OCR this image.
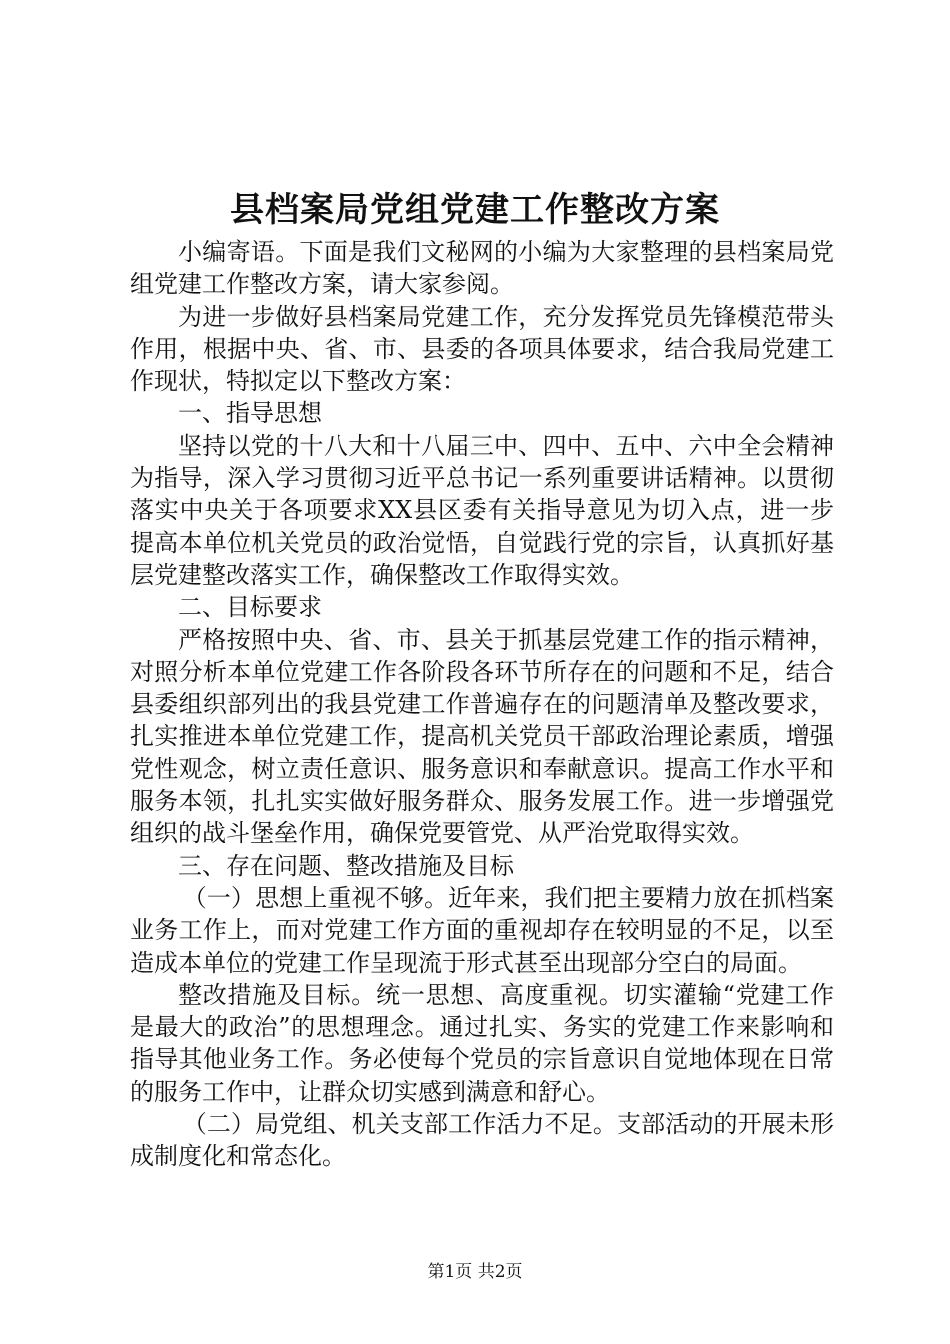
县档案局党组党建工作整改方案

小编寄语。下面是我们文秘网的小编为大家整理的县档案局党组党建工作整改方案，请大家参阅。

为进一步做好县档案局党建工作，充分发挥党员先锋模范带头作用，根据中央、省、市、县委的各项具体要求，结合我局党建工作现状，特拟定以下整改方案：

一、指导思想

坚持以党的十八大和十八届三中、四中、五中、六中全会精神为指导，深入学习贯彻习近平总书记一系列重要讲话精神。以贯彻落实中央关于各项要求XX县区委有关指导意见为切入点，进一步提高本单位机关党员的政治觉悟，自觉践行党的宗旨，认真抓好基层党建整改落实工作，确保整改工作取得实效。

二、目标要求

严格按照中央、省、市、县关于抓基层党建工作的指示精神，对照分析本单位党建工作各阶段各环节所存在的问题和不足，结合县委组织部列出的我县党建工作普遍存在的问题清单及整改要求，扎实推进本单位党建工作，提高机关党员干部政治理论素质，增强党性观念，树立责任意识、服务意识和奉献意识。提高工作水平和服务本领，扎扎实实做好服务群众、服务发展工作。进一步增强党组织的战斗堡垒作用，确保党要管党、从严治党取得实效。

三、存在问题、整改措施及目标

（一）思想上重视不够。近年来，我们把主要精力放在抓档案业务工作上，而对党建工作方面的重视却存在较明显的不足，以至造成本单位的党建工作呈现流于形式甚至出现部分空白的局面。

整改措施及目标。统一思想、高度重视。切实灌输“党建工作是最大的政治”的思想理念。通过扎实、务实的党建工作来影响和指导其他业务工作。务必使每个党员的宗旨意识自觉地体现在日常的服务工作中，让群众切实感到满意和舒心。

（二）局党组、机关支部工作活力不足。支部活动的开展未形成制度化和常态化。

第1页 共2页
